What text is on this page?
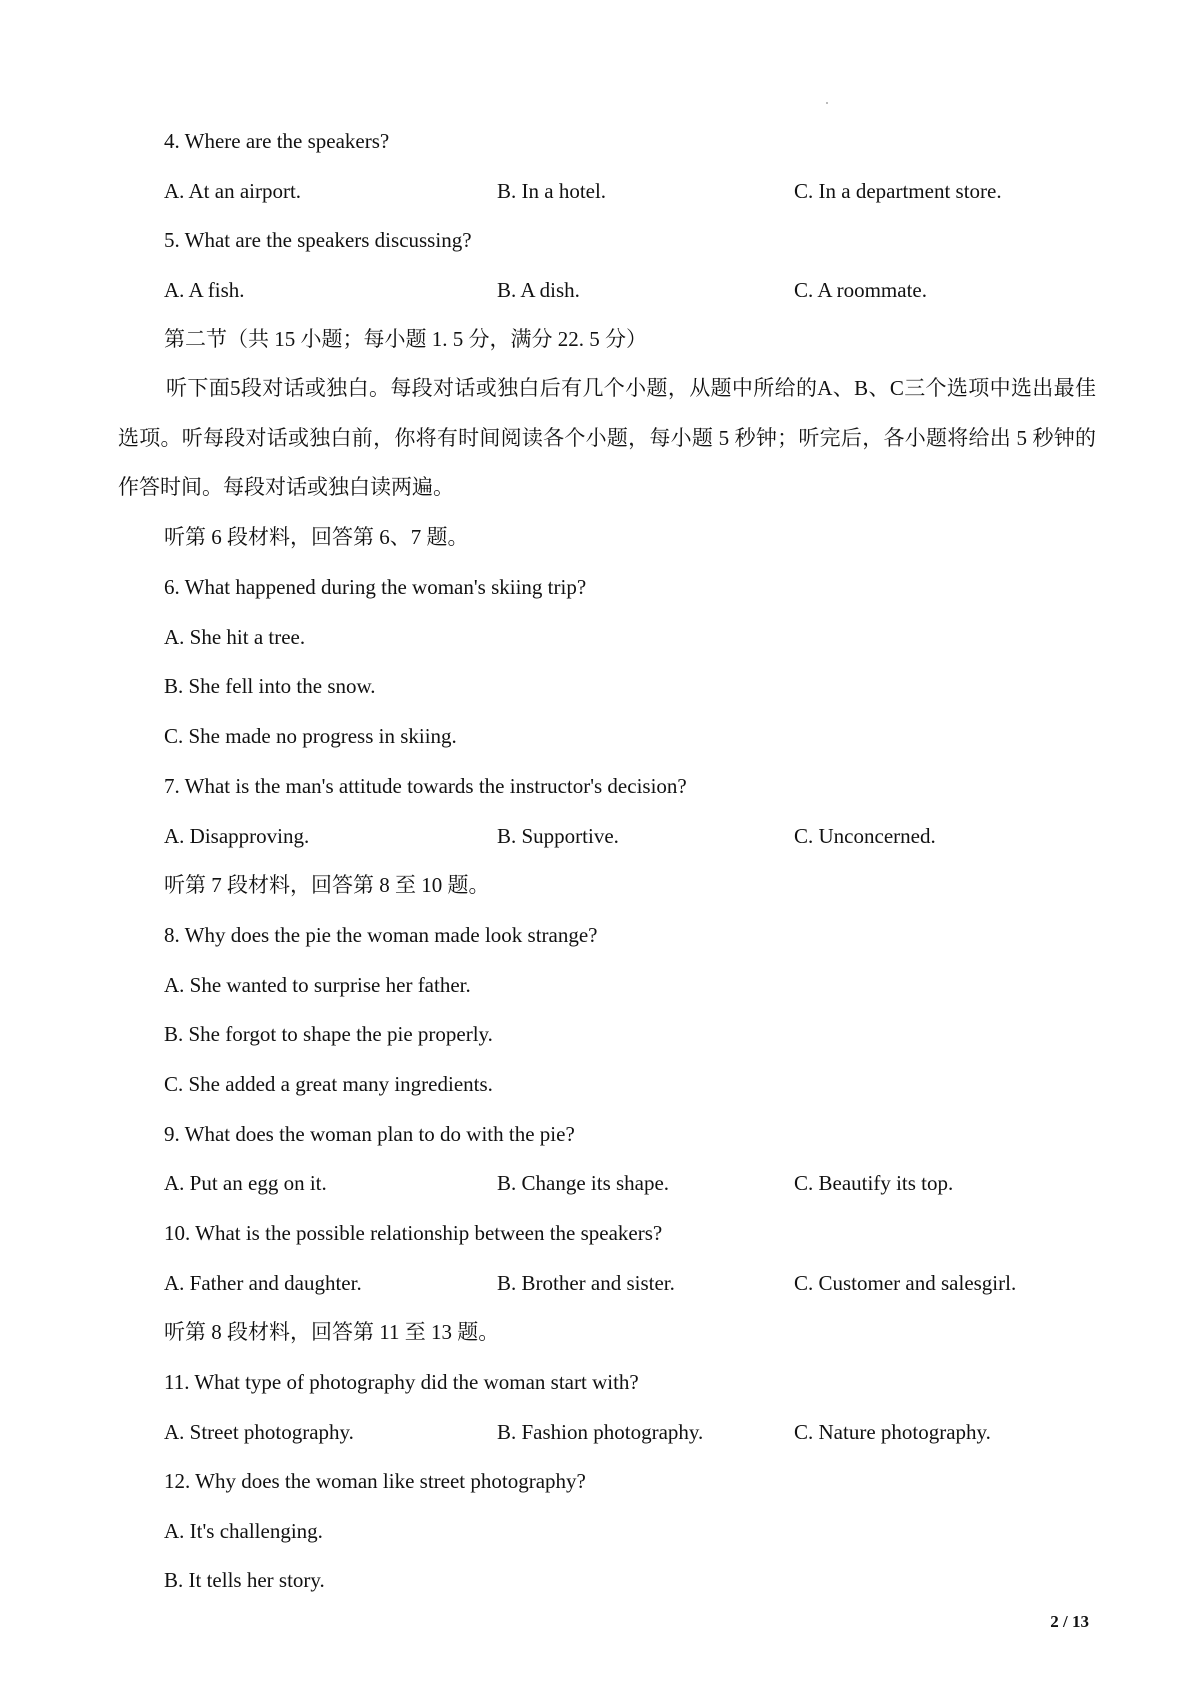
4. Where are the speakers?
A. At an airport.	B. In a hotel.	C. In a department store.
5. What are the speakers discussing?
A. A fish.	B. A dish.	C. A roommate.
第二节（共 15 小题；每小题 1. 5 分，满分 22. 5 分）
听下面5段对话或独白。每段对话或独白后有几个小题，从题中所给的A、B、C三个选项中选出最佳选项。听每段对话或独白前，你将有时间阅读各个小题，每小题 5 秒钟；听完后，各小题将给出 5 秒钟的作答时间。每段对话或独白读两遍。
听第 6 段材料，回答第 6、7 题。
6. What happened during the woman's skiing trip?
A. She hit a tree.
B. She fell into the snow.
C. She made no progress in skiing.
7. What is the man's attitude towards the instructor's decision?
A. Disapproving.	B. Supportive.	C. Unconcerned.
听第 7 段材料，回答第 8 至 10 题。
8. Why does the pie the woman made look strange?
A. She wanted to surprise her father.
B. She forgot to shape the pie properly.
C. She added a great many ingredients.
9. What does the woman plan to do with the pie?
A. Put an egg on it.	B. Change its shape.	C. Beautify its top.
10. What is the possible relationship between the speakers?
A. Father and daughter.	B. Brother and sister.	C. Customer and salesgirl.
听第 8 段材料，回答第 11 至 13 题。
11. What type of photography did the woman start with?
A. Street photography.	B. Fashion photography.	C. Nature photography.
12. Why does the woman like street photography?
A. It's challenging.
B. It tells her story.
2 / 13
